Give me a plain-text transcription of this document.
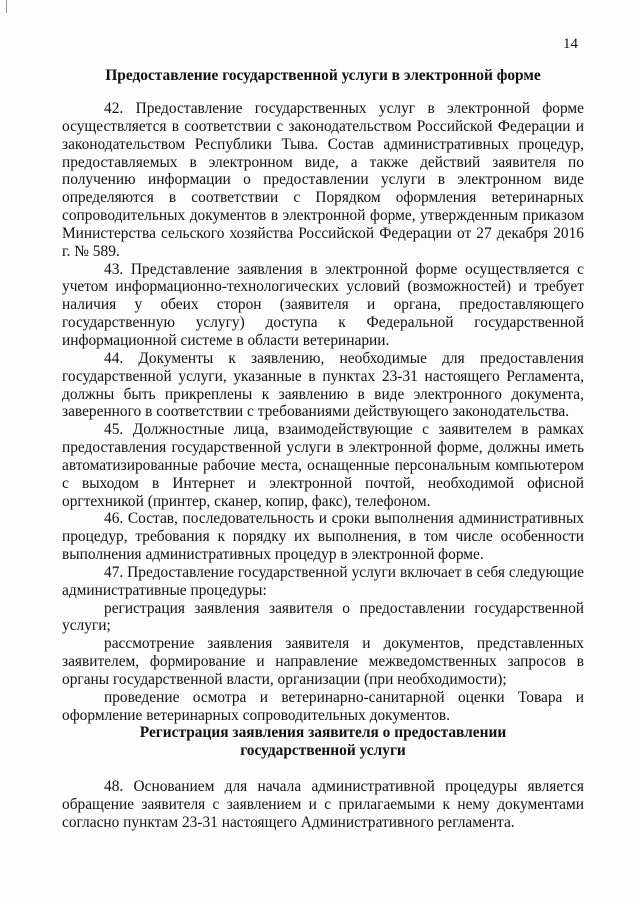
14
Предоставление государственной услуги в электронной форме

42. Предоставление государственных услуг в электронной форме осуществляется в соответствии с законодательством Российской Федерации и законодательством Республики Тыва. Состав административных процедур, предоставляемых в электронном виде, а также действий заявителя по получению информации о предоставлении услуги в электронном виде определяются в соответствии с Порядком оформления ветеринарных сопроводительных документов в электронной форме, утвержденным приказом Министерства сельского хозяйства Российской Федерации от 27 декабря 2016 г. № 589.

43. Представление заявления в электронной форме осуществляется с учетом информационно-технологических условий (возможностей) и требует наличия у обеих сторон (заявителя и органа, предоставляющего государственную услугу) доступа к Федеральной государственной информационной системе в области ветеринарии.

44. Документы к заявлению, необходимые для предоставления государственной услуги, указанные в пунктах 23-31 настоящего Регламента, должны быть прикреплены к заявлению в виде электронного документа, заверенного в соответствии с требованиями действующего законодательства.

45. Должностные лица, взаимодействующие с заявителем в рамках предоставления государственной услуги в электронной форме, должны иметь автоматизированные рабочие места, оснащенные персональным компьютером с выходом в Интернет и электронной почтой, необходимой офисной оргтехникой (принтер, сканер, копир, факс), телефоном.

46. Состав, последовательность и сроки выполнения административных процедур, требования к порядку их выполнения, в том числе особенности выполнения административных процедур в электронной форме.

47. Предоставление государственной услуги включает в себя следующие административные процедуры:

регистрация заявления заявителя о предоставлении государственной услуги;

рассмотрение заявления заявителя и документов, представленных заявителем, формирование и направление межведомственных запросов в органы государственной власти, организации (при необходимости);

проведение осмотра и ветеринарно-санитарной оценки Товара и оформление ветеринарных сопроводительных документов.

Регистрация заявления заявителя о предоставлении
государственной услуги

48. Основанием для начала административной процедуры является обращение заявителя с заявлением и с прилагаемыми к нему документами согласно пунктам 23-31 настоящего Административного регламента.
